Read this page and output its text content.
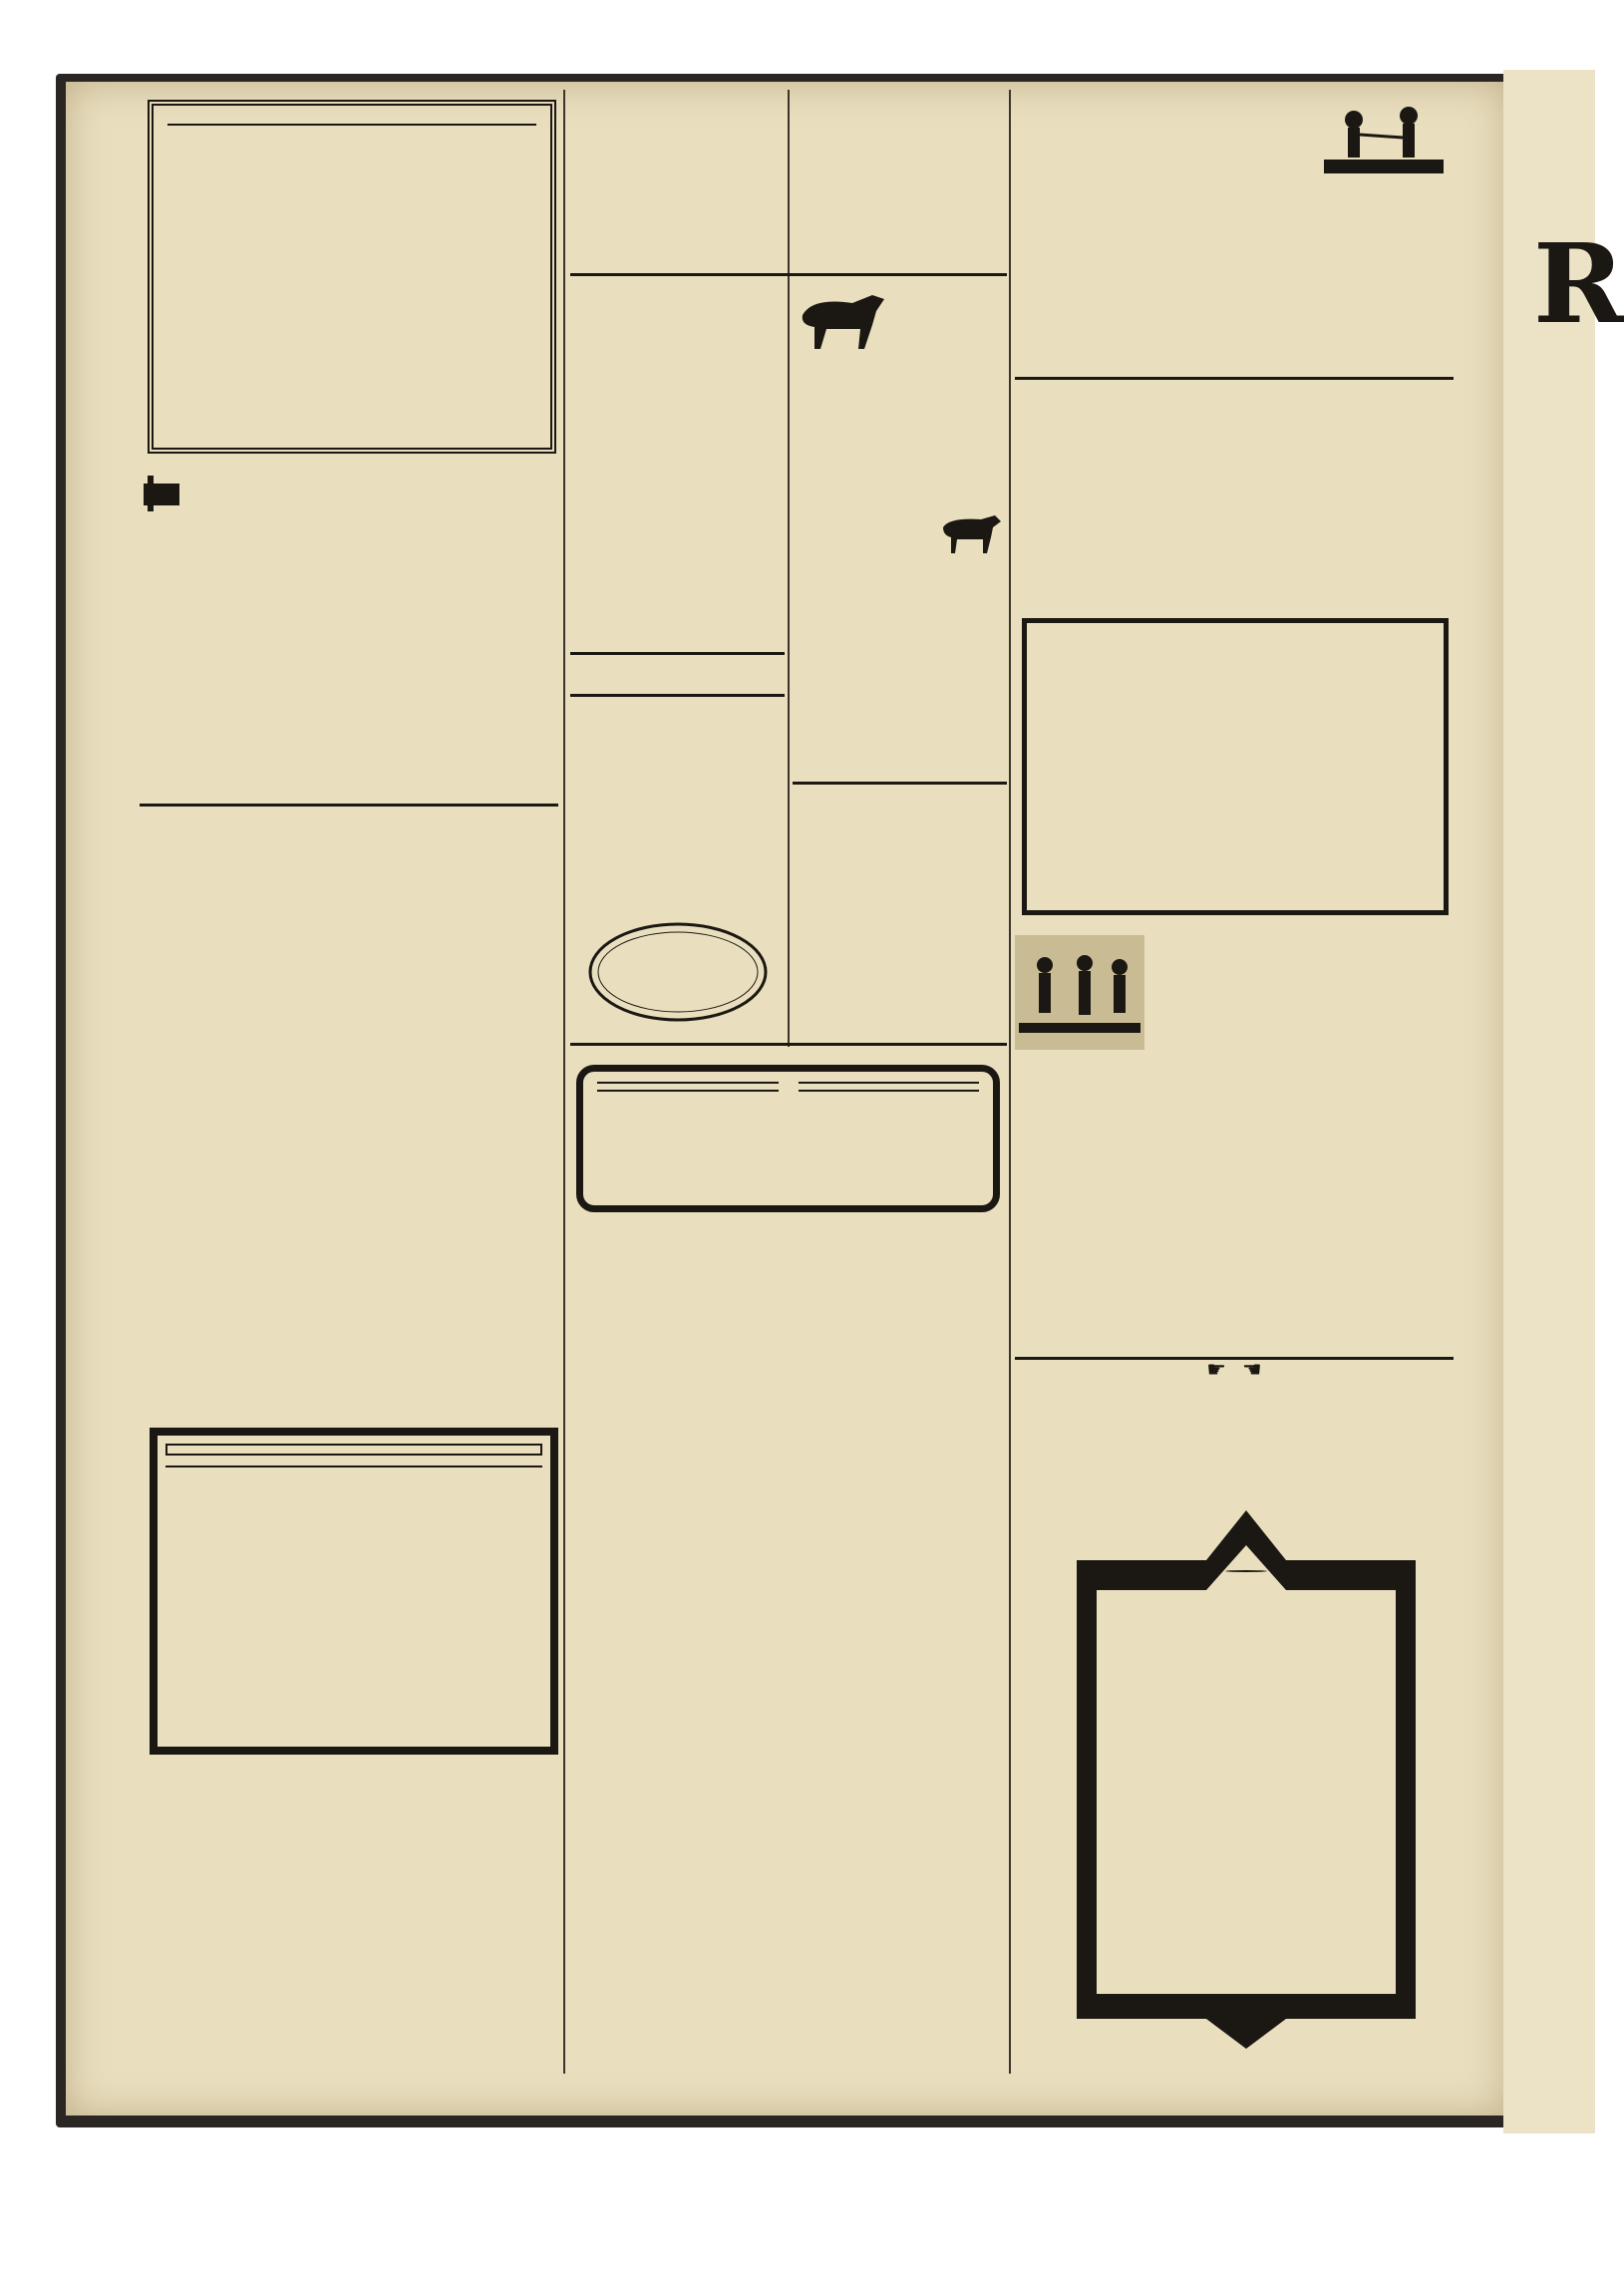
R

☛ ☚
